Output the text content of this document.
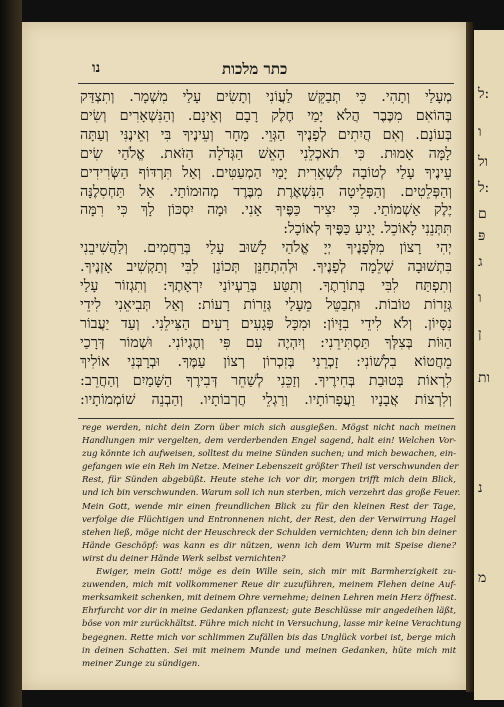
נו	כתר מלכות

מְעָלַי וְתָהִי. כִּי תְבַקֵּשׁ לַעֲוֹנִי וְתָשִׂים עָלַי מִשְׁמָר. וְתִצְדַּק

בְּהוֹאִם מִכֶּבֶר הֲלֹא יָמַי חֶלֶק רָבָם וְאֵינָם. וְהַנִּשְׁאָרִים וְשִׂים

בְּעוֹנָם. וְאִם הֲיִתִים לְפָנֶיךָ הַגְּוֵי. מָחָר וְעֵינֶיךָ בִּי וְאֵינֶנִּי וְעַתָּה

לָמָּה אָמוּת. כִּי תֹאכְלֵנִי הָאֵשׁ הַגְּדֹלָה הַזֹּאת. אֱלֹהַי שִׂים

עֵינֶיךָ עָלַי לְטוֹבָה לִשְׁאֵרִית יָמַי הַמְעַטִּים. וְאַל תִּרְדּוֹף הַשְּׂרִידִים

וְהַפְּלֵטִים. וְהַפְּלֵיטָה הַנִּשְׁאֶרֶת מִבֶּרֶד מְהוּמוֹתַי. אַל תַּחְסִלֶנָּה

יֶלֶק אַשְׁמוֹתַי. כִּי יִצִיר כַּפֶּיךָ אָנִי. וּמָה יִסְכּוֹן לָךְ כִּי רִמָּה

תִּתְּנֵנִי לָאוֹכֵל. יָגִיעַ כַּפֶּיךָ לְאוֹכָל:

יְהִי רָצוֹן מִלְּפָנֶיךָ יְיָ אֱלֹהַי לָשׁוּב עָלַי בְּרַחֲמִים. וְלַהֲשִׁיבֵנִי

בִּתְשׁוּבָה שְׁלֵמָה לְפָנֶיךָ. וּלְהִתְחַנֵּן תְּכוֹנֵן לִבִּי וְתַקְשִׁיב אָזְנֶיךָ.

וְתִפְתַּח לִבִּי בְּתוֹרָתֶךָ. וְתִטַּע בְּרַעְיוֹנַי יִרְאָתֶךָ: וְתִגְזוֹר עָלַי

גְּזֵרוֹת טוֹבוֹת. וּתְבַטֵּל מֵעָלַי גְּזֵרוֹת רָעוֹת: וְאַל תְּבִיאֵנִי לִידֵי

נִסָּיוֹן. וְלֹא לִידֵי בִזָּיוֹן: וּמִכָּל פְּגָעִים רָעִים הַצִּילֵנִי. וְעַד יַעֲבוֹר

הַוּוֹת בְּצִלְּךָ תַּסְתִּירֵנִי: וְיִהְיֶה עִם פִּי וְהֶגְיוֹנִי. וּשְׁמוֹר דְּרָכַי

מֵחֲטוֹא בִלְשׁוֹנִי: זָכְרֵנִי בְּזִכְרוֹן רְצוֹן עַמֶּךָ. וּבְרָבְּנִי אוֹלִיךְ

לִרְאוֹת בְּטוּבַת בְּחִירֶיךָ. וְזַכֵּנִי לְשַׁחֵר דְּבִירֶךָ הַשָּׁמַיִם וְהַחֲרֵב:

וְלִרְצוֹת אֲבָנָיו וַעֲפָרוֹתָיו. וְרַגְלֵי חֲרְבוֹתָיו. וְהַבְנֵה שׁוֹמְמוֹתָיו:

rege werden, nicht dein Zorn über mich sich ausgießen. Mögst nicht nach meinen

Handlungen mir vergelten, dem verderbenden Engel sagend, halt ein! Welchen Vor-

zug könnte ich aufweisen, solltest du meine Sünden suchen; und mich bewachen, ein-

gefangen wie ein Reh im Netze. Meiner Lebenszeit größter Theil ist verschwunden der

Rest, für Sünden abgebüßt. Heute stehe ich vor dir, morgen trifft mich dein Blick,

und ich bin verschwunden. Warum soll ich nun sterben, mich verzehrt das große Feuer.

Mein Gott, wende mir einen freundlichen Blick zu für den kleinen Rest der Tage,

verfolge die Flüchtigen und Entronnenen nicht, der Rest, den der Verwirrung Hagel

stehen ließ, möge nicht der Heuschreck der Schulden vernichten; denn ich bin deiner

Hände Geschöpf: was kann es dir nützen, wenn ich dem Wurm mit Speise diene?

wirst du deiner Hände Werk selbst vernichten?

Ewiger, mein Gott! möge es dein Wille sein, sich mir mit Barmherzigkeit zu-

zuwenden, mich mit vollkommener Reue dir zuzuführen, meinem Flehen deine Auf-

merksamkeit schenken, mit deinem Ohre vernehme; deinen Lehren mein Herz öffnest.

Ehrfurcht vor dir in meine Gedanken pflanzest; gute Beschlüsse mir angedeihen läßt,

böse von mir zurückhältst. Führe mich nicht in Versuchung, lasse mir keine Verachtung

begegnen. Rette mich vor schlimmen Zufällen bis das Unglück vorbei ist, berge mich

in deinen Schatten. Sei mit meinem Munde und meinen Gedanken, hüte mich mit

meiner Zunge zu sündigen.

:ל
ו
ול
:ל
ם
פּ
ג
ו
ן
ות
נ
מ
